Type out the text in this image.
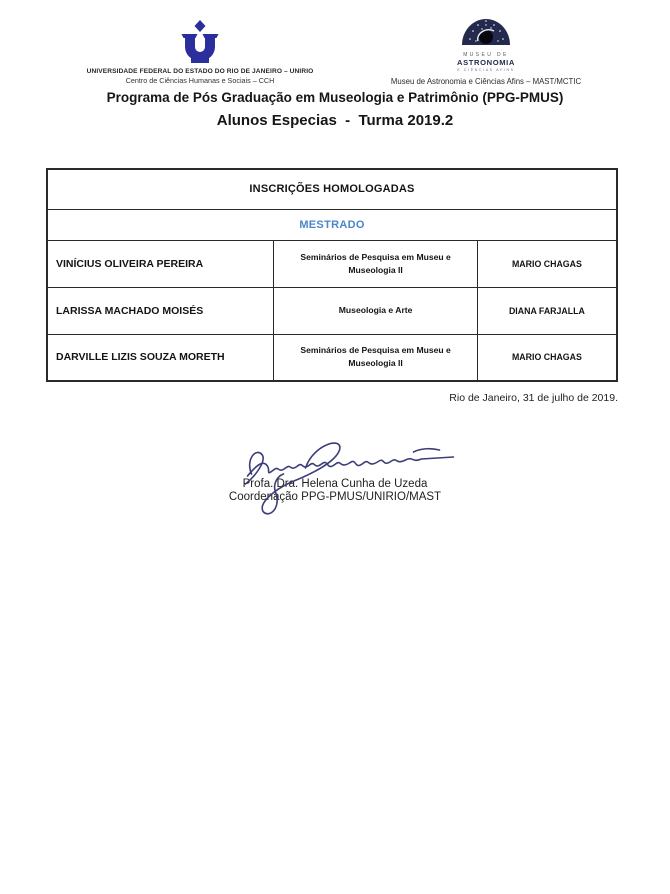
UNIVERSIDADE FEDERAL DO ESTADO DO RIO DE JANEIRO – UNIRIO
Centro de Ciências Humanas e Sociais – CCH
MUSEU DE
ASTRONOMIA
E CIÊNCIAS AFINS
Museu de Astronomia e Ciências Afins – MAST/MCTIC
Programa de Pós Graduação em Museologia e Patrimônio (PPG-PMUS)
Alunos Especias  -  Turma 2019.2
INSCRIÇÕES HOMOLOGADAS		
MESTRADO		
VINÍCIUS OLIVEIRA PEREIRA	Seminários de Pesquisa em Museu e Museologia II	MARIO CHAGAS
LARISSA MACHADO MOISÉS	Museologia e Arte	DIANA FARJALLA
DARVILLE LIZIS SOUZA MORETH	Seminários de Pesquisa em Museu e Museologia II	MARIO CHAGAS
Rio de Janeiro, 31 de julho de 2019.
Profa. Dra. Helena Cunha de Uzeda
Coordenação PPG-PMUS/UNIRIO/MAST
